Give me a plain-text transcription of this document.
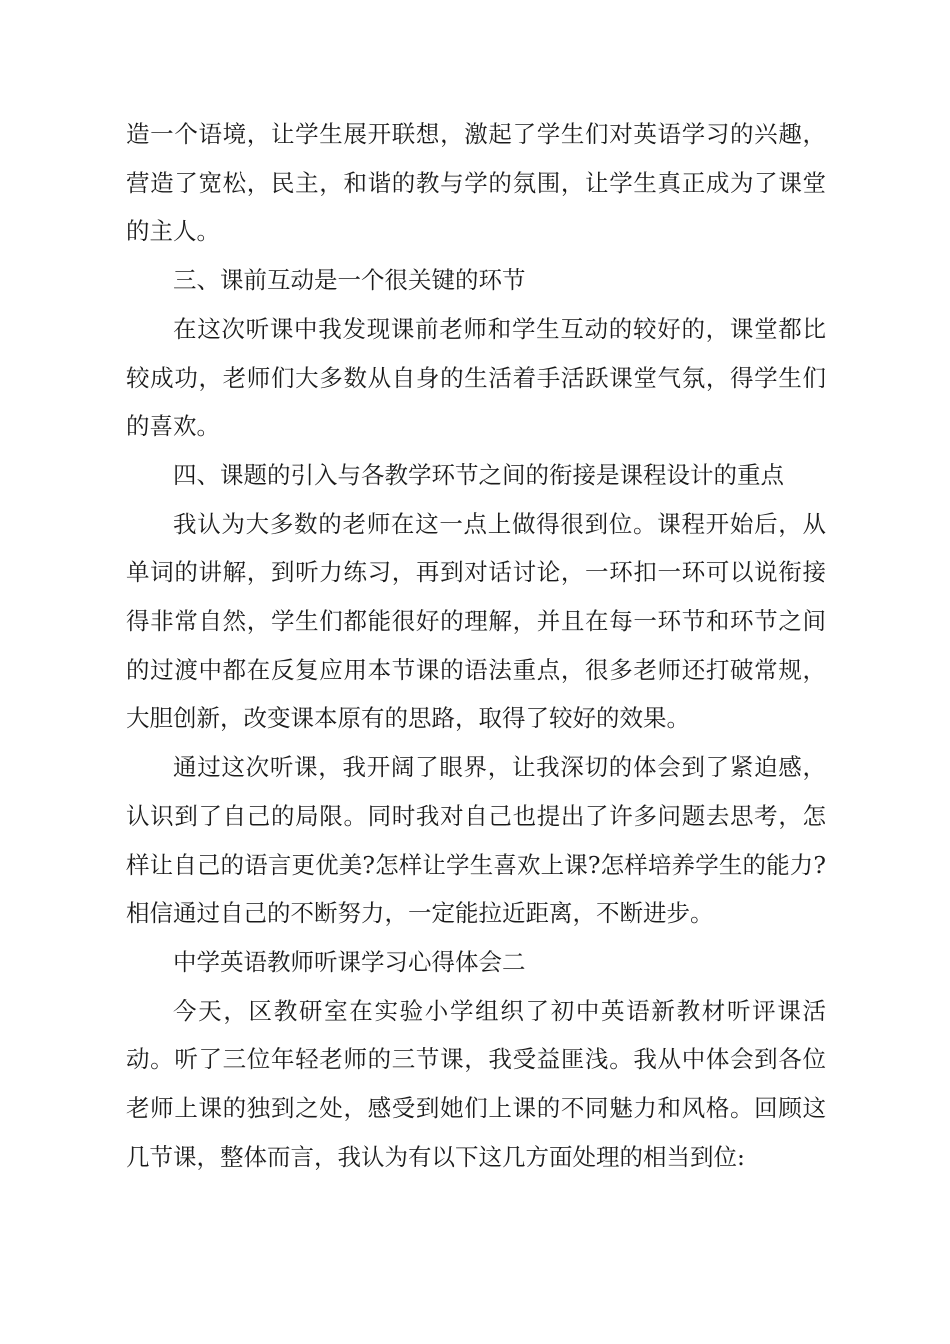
造一个语境，让学生展开联想，激起了学生们对英语学习的兴趣，营造了宽松，民主，和谐的教与学的氛围，让学生真正成为了课堂的主人。

三、课前互动是一个很关键的环节

在这次听课中我发现课前老师和学生互动的较好的，课堂都比较成功，老师们大多数从自身的生活着手活跃课堂气氛，得学生们的喜欢。

四、课题的引入与各教学环节之间的衔接是课程设计的重点

我认为大多数的老师在这一点上做得很到位。课程开始后，从单词的讲解，到听力练习，再到对话讨论，一环扣一环可以说衔接得非常自然，学生们都能很好的理解，并且在每一环节和环节之间的过渡中都在反复应用本节课的语法重点，很多老师还打破常规，大胆创新，改变课本原有的思路，取得了较好的效果。

通过这次听课，我开阔了眼界，让我深切的体会到了紧迫感，认识到了自己的局限。同时我对自己也提出了许多问题去思考，怎样让自己的语言更优美?怎样让学生喜欢上课?怎样培养学生的能力?相信通过自己的不断努力，一定能拉近距离，不断进步。

中学英语教师听课学习心得体会二

今天，区教研室在实验小学组织了初中英语新教材听评课活动。听了三位年轻老师的三节课，我受益匪浅。我从中体会到各位老师上课的独到之处，感受到她们上课的不同魅力和风格。回顾这几节课，整体而言，我认为有以下这几方面处理的相当到位:
